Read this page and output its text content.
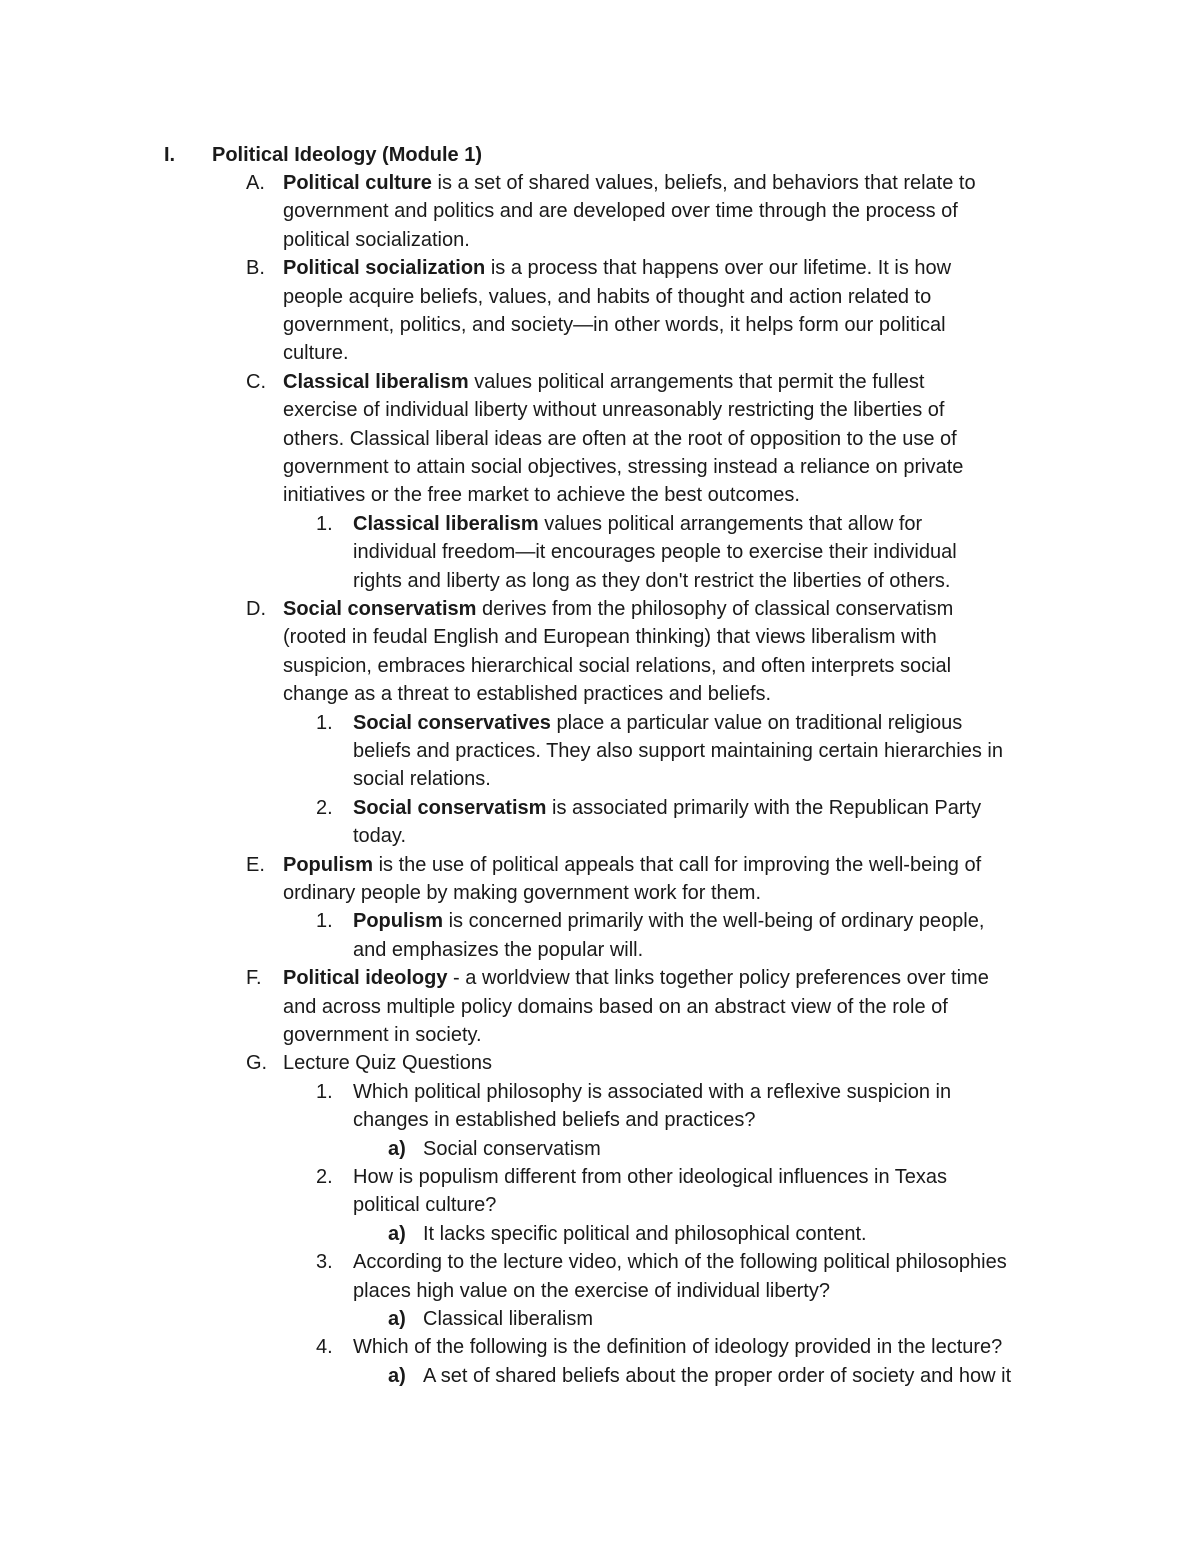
I. Political Ideology (Module 1)
A. Political culture is a set of shared values, beliefs, and behaviors that relate to
government and politics and are developed over time through the process of
political socialization.
B. Political socialization is a process that happens over our lifetime. It is how
people acquire beliefs, values, and habits of thought and action related to
government, politics, and society—in other words, it helps form our political
culture.
C. Classical liberalism values political arrangements that permit the fullest
exercise of individual liberty without unreasonably restricting the liberties of
others. Classical liberal ideas are often at the root of opposition to the use of
government to attain social objectives, stressing instead a reliance on private
initiatives or the free market to achieve the best outcomes.
1. Classical liberalism values political arrangements that allow for
individual freedom—it encourages people to exercise their individual
rights and liberty as long as they don't restrict the liberties of others.
D. Social conservatism derives from the philosophy of classical conservatism
(rooted in feudal English and European thinking) that views liberalism with
suspicion, embraces hierarchical social relations, and often interprets social
change as a threat to established practices and beliefs.
1. Social conservatives place a particular value on traditional religious
beliefs and practices. They also support maintaining certain hierarchies in
social relations.
2. Social conservatism is associated primarily with the Republican Party
today.
E. Populism is the use of political appeals that call for improving the well-being of
ordinary people by making government work for them.
1. Populism is concerned primarily with the well-being of ordinary people,
and emphasizes the popular will.
F. Political ideology - a worldview that links together policy preferences over time
and across multiple policy domains based on an abstract view of the role of
government in society.
G. Lecture Quiz Questions
1. Which political philosophy is associated with a reflexive suspicion in
changes in established beliefs and practices?
a) Social conservatism
2. How is populism different from other ideological influences in Texas
political culture?
a) It lacks specific political and philosophical content.
3. According to the lecture video, which of the following political philosophies
places high value on the exercise of individual liberty?
a) Classical liberalism
4. Which of the following is the definition of ideology provided in the lecture?
a) A set of shared beliefs about the proper order of society and how it
